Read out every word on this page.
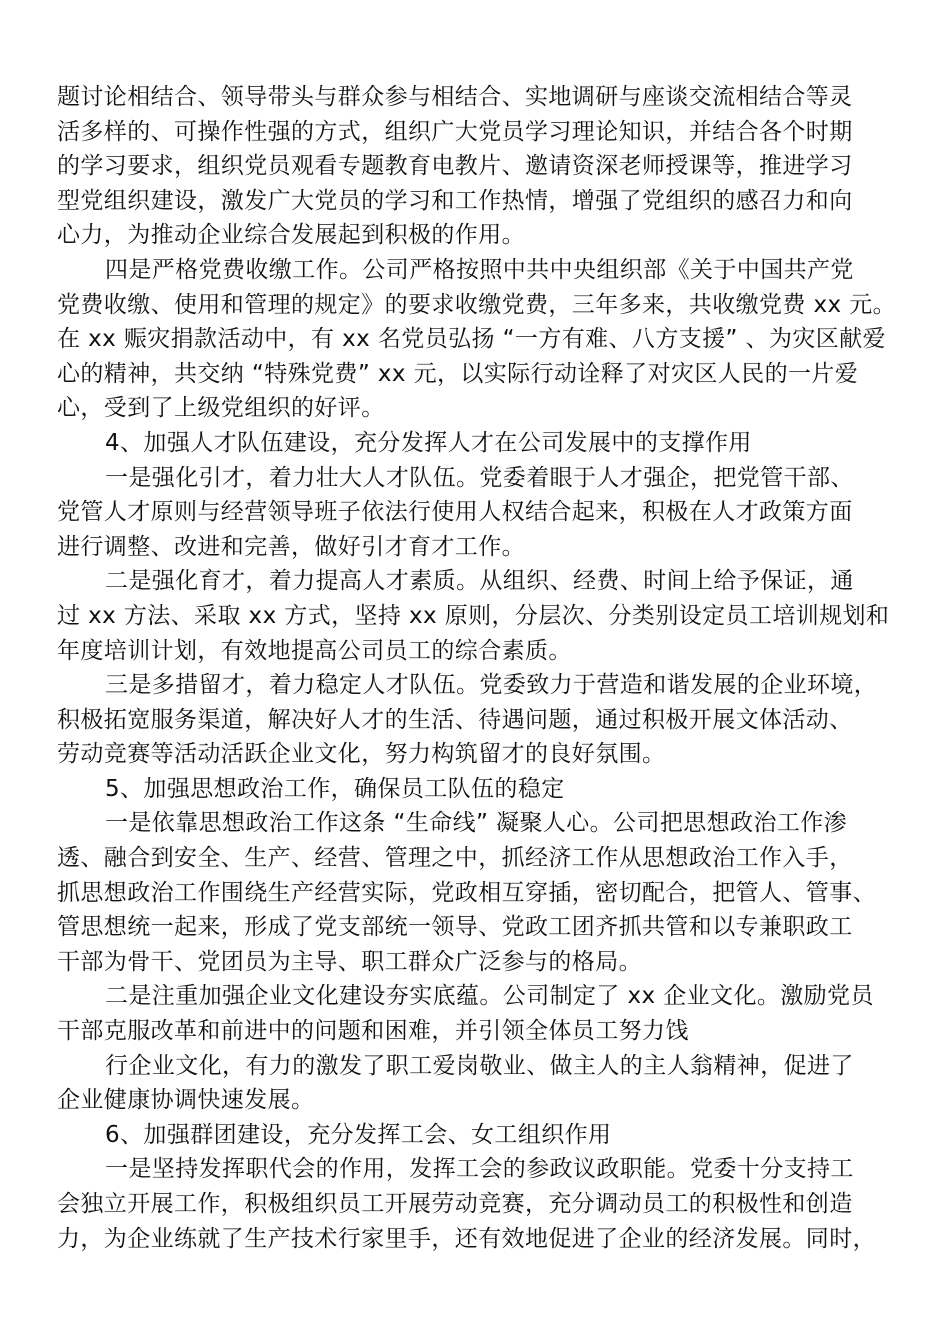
题讨论相结合、领导带头与群众参与相结合、实地调研与座谈交流相结合等灵
活多样的、可操作性强的方式，组织广大党员学习理论知识，并结合各个时期
的学习要求，组织党员观看专题教育电教片、邀请资深老师授课等，推进学习
型党组织建设，激发广大党员的学习和工作热情，增强了党组织的感召力和向
心力，为推动企业综合发展起到积极的作用。
四是严格党费收缴工作。公司严格按照中共中央组织部《关于中国共产党
党费收缴、使用和管理的规定》的要求收缴党费，三年多来，共收缴党费 xx 元。
在 xx 赈灾捐款活动中，有 xx 名党员弘扬 “一方有难、八方支援” 、为灾区献爱
心的精神，共交纳 “特殊党费” xx 元，以实际行动诠释了对灾区人民的一片爱
心，受到了上级党组织的好评。
4、加强人才队伍建设，充分发挥人才在公司发展中的支撑作用
一是强化引才，着力壮大人才队伍。党委着眼于人才强企，把党管干部、
党管人才原则与经营领导班子依法行使用人权结合起来，积极在人才政策方面
进行调整、改进和完善，做好引才育才工作。
二是强化育才，着力提高人才素质。从组织、经费、时间上给予保证，通
过 xx 方法、采取 xx 方式，坚持 xx 原则，分层次、分类别设定员工培训规划和
年度培训计划，有效地提高公司员工的综合素质。
三是多措留才，着力稳定人才队伍。党委致力于营造和谐发展的企业环境，
积极拓宽服务渠道，解决好人才的生活、待遇问题，通过积极开展文体活动、
劳动竞赛等活动活跃企业文化，努力构筑留才的良好氛围。
5、加强思想政治工作，确保员工队伍的稳定
一是依靠思想政治工作这条 “生命线” 凝聚人心。公司把思想政治工作渗
透、融合到安全、生产、经营、管理之中，抓经济工作从思想政治工作入手，
抓思想政治工作围绕生产经营实际，党政相互穿插，密切配合，把管人、管事、
管思想统一起来，形成了党支部统一领导、党政工团齐抓共管和以专兼职政工
干部为骨干、党团员为主导、职工群众广泛参与的格局。
二是注重加强企业文化建设夯实底蕴。公司制定了 xx 企业文化。激励党员
干部克服改革和前进中的问题和困难，并引领全体员工努力饯
行企业文化，有力的激发了职工爱岗敬业、做主人的主人翁精神，促进了
企业健康协调快速发展。
6、加强群团建设，充分发挥工会、女工组织作用
一是坚持发挥职代会的作用，发挥工会的参政议政职能。党委十分支持工
会独立开展工作，积极组织员工开展劳动竞赛，充分调动员工的积极性和创造
力，为企业练就了生产技术行家里手，还有效地促进了企业的经济发展。同时，
